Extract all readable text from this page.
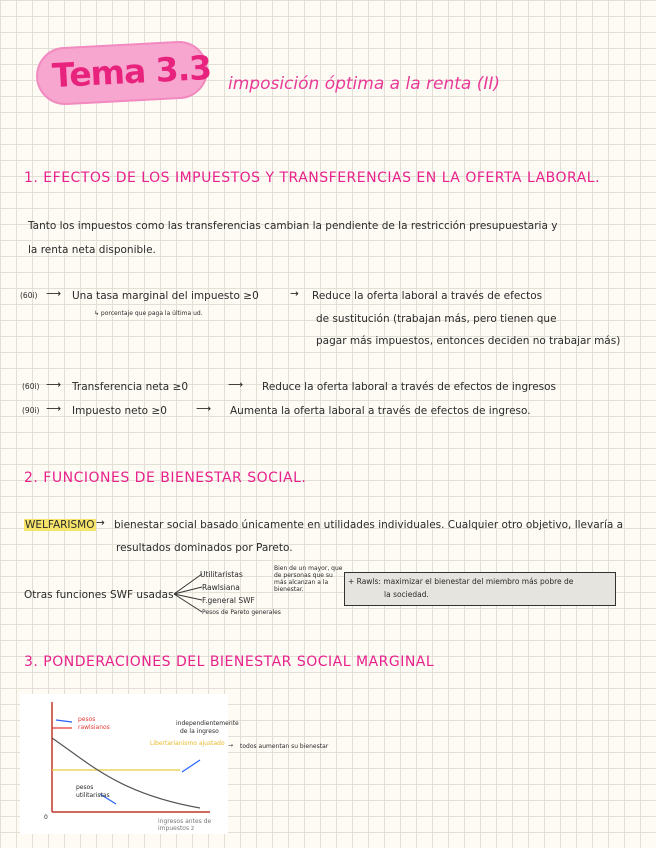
Tema 3.3 imposición óptima a la renta (II)
1. EFECTOS DE LOS IMPUESTOS Y TRANSFERENCIAS EN LA OFERTA LABORAL.
Tanto los impuestos como las transferencias cambian la pendiente de la restricción presupuestaria y
la renta neta disponible.
(60i) ⟶ Una tasa marginal del impuesto ≥0
↳ porcentaje que paga la última ud.
→ Reduce la oferta laboral a través de efectos
de sustitución (trabajan más, pero tienen que
pagar más impuestos, entonces deciden no trabajar más)
(60i) ⟶ Transferencia neta ≥0	⟶ Reduce la oferta laboral a través de efectos de ingresos
(90i) ⟶ Impuesto neto ≥0	⟶ Aumenta la oferta laboral a través de efectos de ingreso.
2. FUNCIONES DE BIENESTAR SOCIAL.
WELFARISMO → bienestar social basado únicamente en utilidades individuales. Cualquier otro objetivo, llevaría a
resultados dominados por Pareto.
Otras funciones SWF usadas
Utilitaristas
Rawlsiana
F.general SWF
Pesos de Pareto generales
Bien de un mayor, que de personas que su más alcanzan a la bienestar.
+ Rawls: maximizar el bienestar del miembro más pobre de
la sociedad.
3. PONDERACIONES DEL BIENESTAR SOCIAL MARGINAL
pesos
rawlsianos
Libertarianismo ajustado
pesos
utilitaristas
ingresos antes de impuestos z
0
independientemente
de la ingreso
→ todos aumentan su bienestar
